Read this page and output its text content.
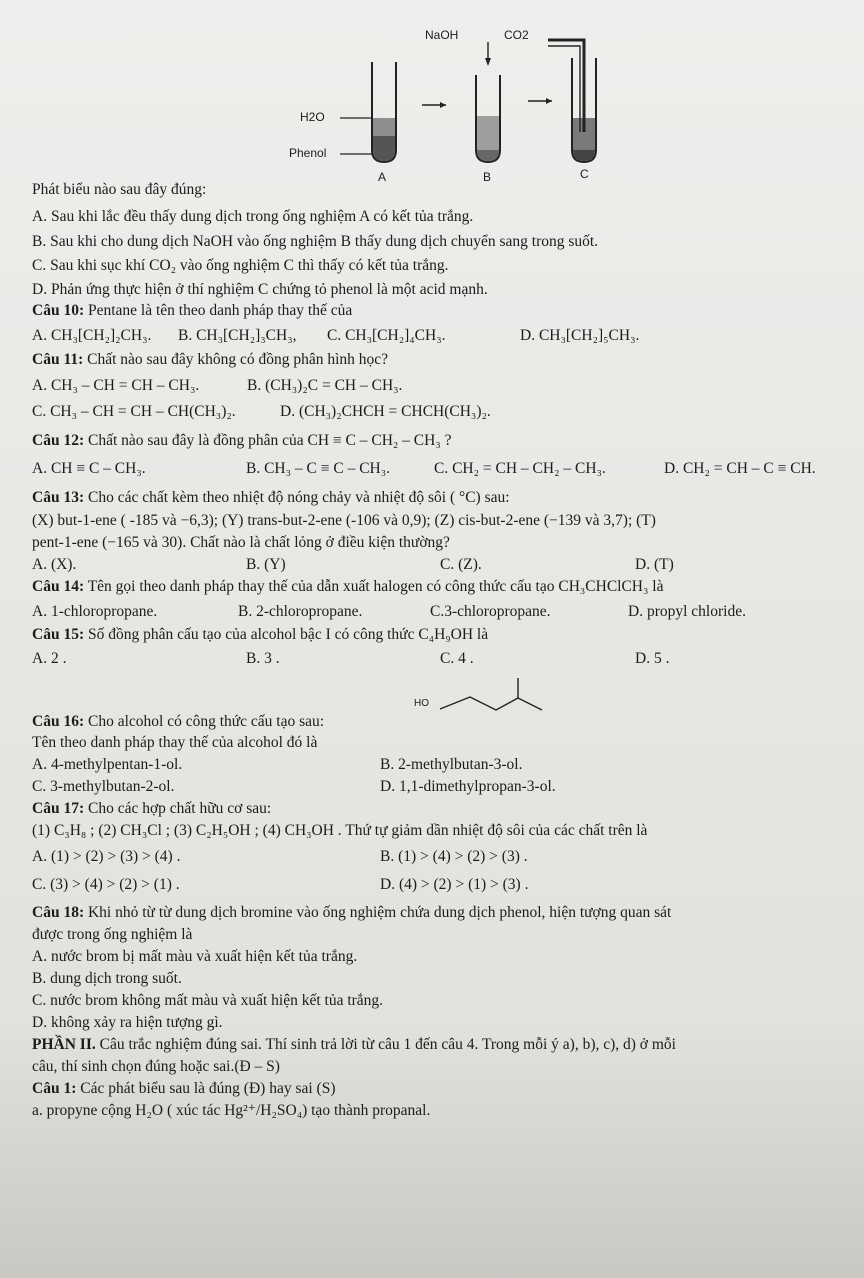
NaOH	CO2
H2O
Phenol
A	B	C
Phát biểu nào sau đây đúng:
A. Sau khi lắc đều thấy dung dịch trong ống nghiệm A có kết tủa trắng.
B. Sau khi cho dung dịch NaOH vào ống nghiệm B thấy dung dịch chuyển sang trong suốt.
C. Sau khi sục khí CO₂ vào ống nghiệm C thì thấy có kết tủa trắng.
D. Phản ứng thực hiện ở thí nghiệm C chứng tỏ phenol là một acid mạnh.
Câu 10: Pentane là tên theo danh pháp thay thế của
A. CH₃[CH₂]₂CH₃. B. CH₃[CH₂]₃CH₃, C. CH₃[CH₂]₄CH₃.	D. CH₃[CH₂]₅CH₃.
Câu 11: Chất nào sau đây không có đồng phân hình học?
A. CH₃ – CH = CH – CH₃.	B. (CH₃)₂C = CH – CH₃.
C. CH₃ – CH = CH – CH(CH₃)₂.	D. (CH₃)₂CHCH = CHCH(CH₃)₂.
Câu 12: Chất nào sau đây là đồng phân của CH ≡ C – CH₂ – CH₃ ?
A. CH ≡ C – CH₃.	B. CH₃ – C ≡ C – CH₃.	C. CH₂ = CH – CH₂ – CH₃.	D. CH₂ = CH – C ≡ CH.
Câu 13: Cho các chất kèm theo nhiệt độ nóng chảy và nhiệt độ sôi ( °C) sau:
(X) but-1-ene ( -185 và −6,3); (Y) trans-but-2-ene (-106 và 0,9); (Z) cis-but-2-ene (−139 và 3,7); (T)
pent-1-ene (−165 và 30). Chất nào là chất lỏng ở điều kiện thường?
A. (X).	B. (Y)	C. (Z).	D. (T)
Câu 14: Tên gọi theo danh pháp thay thế của dẫn xuất halogen có công thức cấu tạo CH₃CHClCH₃ là
A. 1-chloropropane.	B. 2-chloropropane.	C.3-chloropropane.	D. propyl chloride.
Câu 15: Số đồng phân cấu tạo của alcohol bậc I có công thức C₄H₉OH là
A. 2 .	B. 3 .	C. 4 .	D. 5 .
HO
Câu 16: Cho alcohol có công thức cấu tạo sau:
Tên theo danh pháp thay thế của alcohol đó là
A. 4-methylpentan-1-ol.	B. 2-methylbutan-3-ol.
C. 3-methylbutan-2-ol.	D. 1,1-dimethylpropan-3-ol.
Câu 17: Cho các hợp chất hữu cơ sau:
(1) C₃H₈ ; (2) CH₃Cl ; (3) C₂H₅OH ; (4) CH₃OH . Thứ tự giảm dần nhiệt độ sôi của các chất trên là
A. (1) > (2) > (3) > (4) .	B. (1) > (4) > (2) > (3) .
C. (3) > (4) > (2) > (1) .	D. (4) > (2) > (1) > (3) .
Câu 18: Khi nhỏ từ từ dung dịch bromine vào ống nghiệm chứa dung dịch phenol, hiện tượng quan sát
được trong ống nghiệm là
A. nước brom bị mất màu và xuất hiện kết tủa trắng.
B. dung dịch trong suốt.
C. nước brom không mất màu và xuất hiện kết tủa trắng.
D. không xảy ra hiện tượng gì.
PHẦN II. Câu trắc nghiệm đúng sai. Thí sinh trả lời từ câu 1 đến câu 4. Trong mỗi ý a), b), c), d) ở mỗi
câu, thí sinh chọn đúng hoặc sai.(Đ – S)
Câu 1: Các phát biểu sau là đúng (Đ) hay sai (S)
a. propyne cộng H₂O ( xúc tác Hg²⁺/H₂SO₄) tạo thành propanal.
